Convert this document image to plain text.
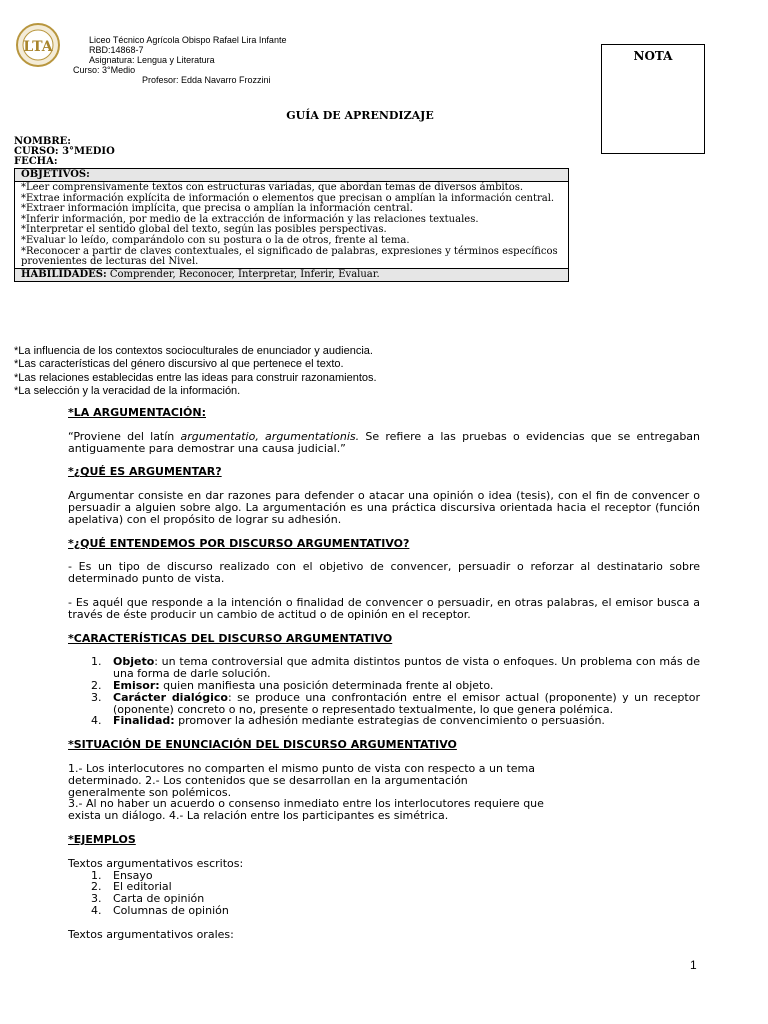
LTA	Liceo Técnico Agrícola Obispo Rafael Lira Infante
RBD:14868-7
Asignatura: Lengua y Literatura
Curso: 3°Medio
Profesor: Edda Navarro Frozzini
NOTA
GUÍA DE APRENDIZAJE
NOMBRE:
CURSO: 3°MEDIO
FECHA:
OBJETIVOS:
*Leer comprensivamente textos con estructuras variadas, que abordan temas de diversos ámbitos.
*Extrae información explícita de información o elementos que precisan o amplían la información central.
*Extraer información implícita, que precisa o amplían la información central.
*Inferir información, por medio de la extracción de información y las relaciones textuales.
*Interpretar el sentido global del texto, según las posibles perspectivas.
*Evaluar lo leído, comparándolo con su postura o la de otros, frente al tema.
*Reconocer a partir de claves contextuales, el significado de palabras, expresiones y términos específicos provenientes de lecturas del Nivel.
HABILIDADES: Comprender, Reconocer, Interpretar, Inferir, Evaluar.
*La influencia de los contextos socioculturales de enunciador y audiencia.
*Las características del género discursivo al que pertenece el texto.
*Las relaciones establecidas entre las ideas para construir razonamientos.
*La selección y la veracidad de la información.

*LA ARGUMENTACIÓN:

“Proviene del latín argumentatio, argumentationis. Se refiere a las pruebas o evidencias que se entregaban antiguamente para demostrar una causa judicial.”

*¿QUÉ ES ARGUMENTAR?

Argumentar consiste en dar razones para defender o atacar una opinión o idea (tesis), con el fin de convencer o persuadir a alguien sobre algo. La argumentación es una práctica discursiva orientada hacia el receptor (función apelativa) con el propósito de lograr su adhesión.

*¿QUÉ ENTENDEMOS POR DISCURSO ARGUMENTATIVO?

- Es un tipo de discurso realizado con el objetivo de convencer, persuadir o reforzar al destinatario sobre determinado punto de vista.

- Es aquél que responde a la intención o finalidad de convencer o persuadir, en otras palabras, el emisor busca a través de éste producir un cambio de actitud o de opinión en el receptor.

*CARACTERÍSTICAS DEL DISCURSO ARGUMENTATIVO

1. Objeto: un tema controversial que admita distintos puntos de vista o enfoques. Un problema con más de una forma de darle solución.
2. Emisor: quien manifiesta una posición determinada frente al objeto.
3. Carácter dialógico: se produce una confrontación entre el emisor actual (proponente) y un receptor (oponente) concreto o no, presente o representado textualmente, lo que genera polémica.
4. Finalidad: promover la adhesión mediante estrategias de convencimiento o persuasión.

*SITUACIÓN DE ENUNCIACIÓN DEL DISCURSO ARGUMENTATIVO

1.- Los interlocutores no comparten el mismo punto de vista con respecto a un tema
determinado. 2.- Los contenidos que se desarrollan en la argumentación
generalmente son polémicos.
3.- Al no haber un acuerdo o consenso inmediato entre los interlocutores requiere que
exista un diálogo. 4.- La relación entre los participantes es simétrica.

*EJEMPLOS

Textos argumentativos escritos:

1. Ensayo
2. El editorial
3. Carta de opinión
4. Columnas de opinión

Textos argumentativos orales:

1
